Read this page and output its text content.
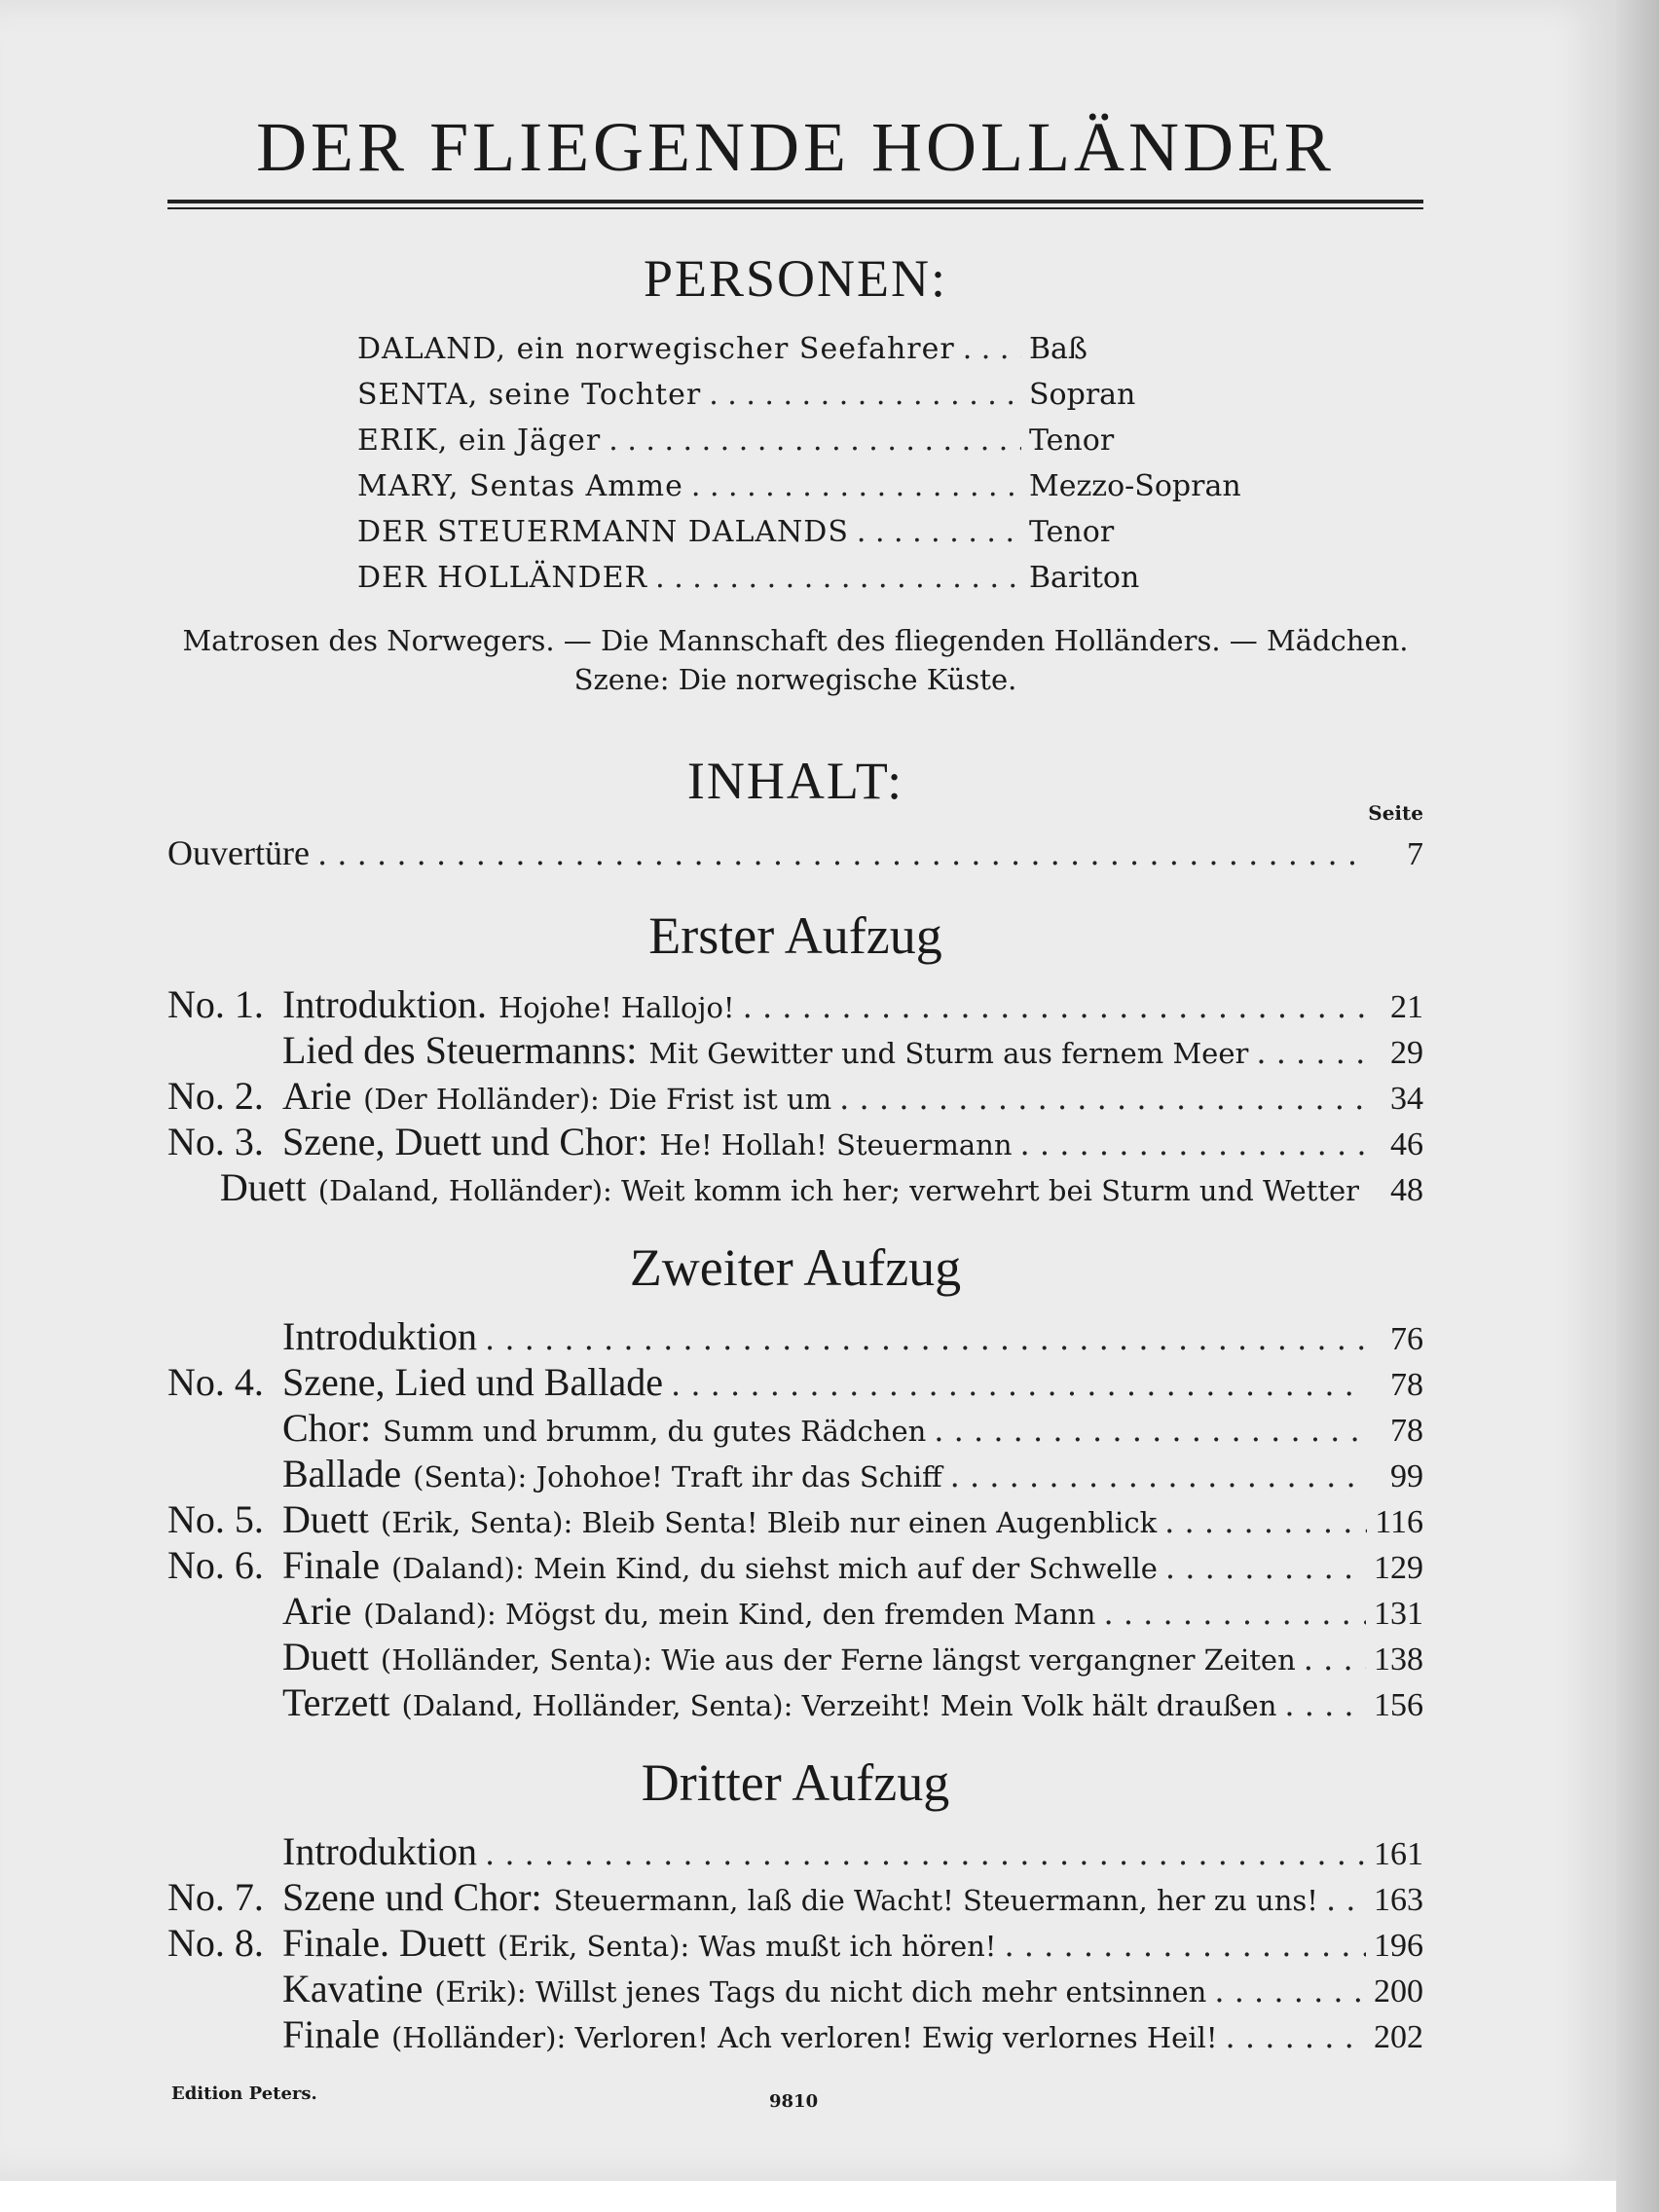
DER FLIEGENDE HOLLÄNDER
PERSONEN:
DALAND, ein norwegischer Seefahrer . . .	Baß
SENTA, seine Tochter . . .	Sopran
ERIK, ein Jäger . . .	Tenor
MARY, Sentas Amme . . .	Mezzo-Sopran
DER STEUERMANN DALANDS . . .	Tenor
DER HOLLÄNDER . . .	Bariton
Matrosen des Norwegers. — Die Mannschaft des fliegenden Holländers. — Mädchen.
Szene: Die norwegische Küste.
INHALT:
Seite
Ouvertüre . . .	7
Erster Aufzug
No. 1. Introduktion. Hojohe! Hallojo! . . .	21
Lied des Steuermanns: Mit Gewitter und Sturm aus fernem Meer . . .	29
No. 2. Arie (Der Holländer): Die Frist ist um . . .	34
No. 3. Szene, Duett und Chor: He! Hollah! Steuermann . . .	46
Duett (Daland, Holländer): Weit komm ich her; verwehrt bei Sturm und Wetter 48
Zweiter Aufzug
Introduktion . . .	76
No. 4. Szene, Lied und Ballade . . .	78
Chor: Summ und brumm, du gutes Rädchen . . .	78
Ballade (Senta): Johohoe! Traft ihr das Schiff . . .	99
No. 5. Duett (Erik, Senta): Bleib Senta! Bleib nur einen Augenblick . . .	116
No. 6. Finale (Daland): Mein Kind, du siehst mich auf der Schwelle . . .	129
Arie (Daland): Mögst du, mein Kind, den fremden Mann . . .	131
Duett (Holländer, Senta): Wie aus der Ferne längst vergangner Zeiten . . . 138
Terzett (Daland, Holländer, Senta): Verzeiht! Mein Volk hält draußen . . .	156
Dritter Aufzug
Introduktion . . .	161
No. 7. Szene und Chor: Steuermann, laß die Wacht! Steuermann, her zu uns! . . . 163
No. 8. Finale. Duett (Erik, Senta): Was mußt ich hören! . . .	196
Kavatine (Erik): Willst jenes Tags du nicht dich mehr entsinnen . . .	200
Finale (Holländer): Verloren! Ach verloren! Ewig verlornes Heil! . . .	202
Edition Peters.	9810
